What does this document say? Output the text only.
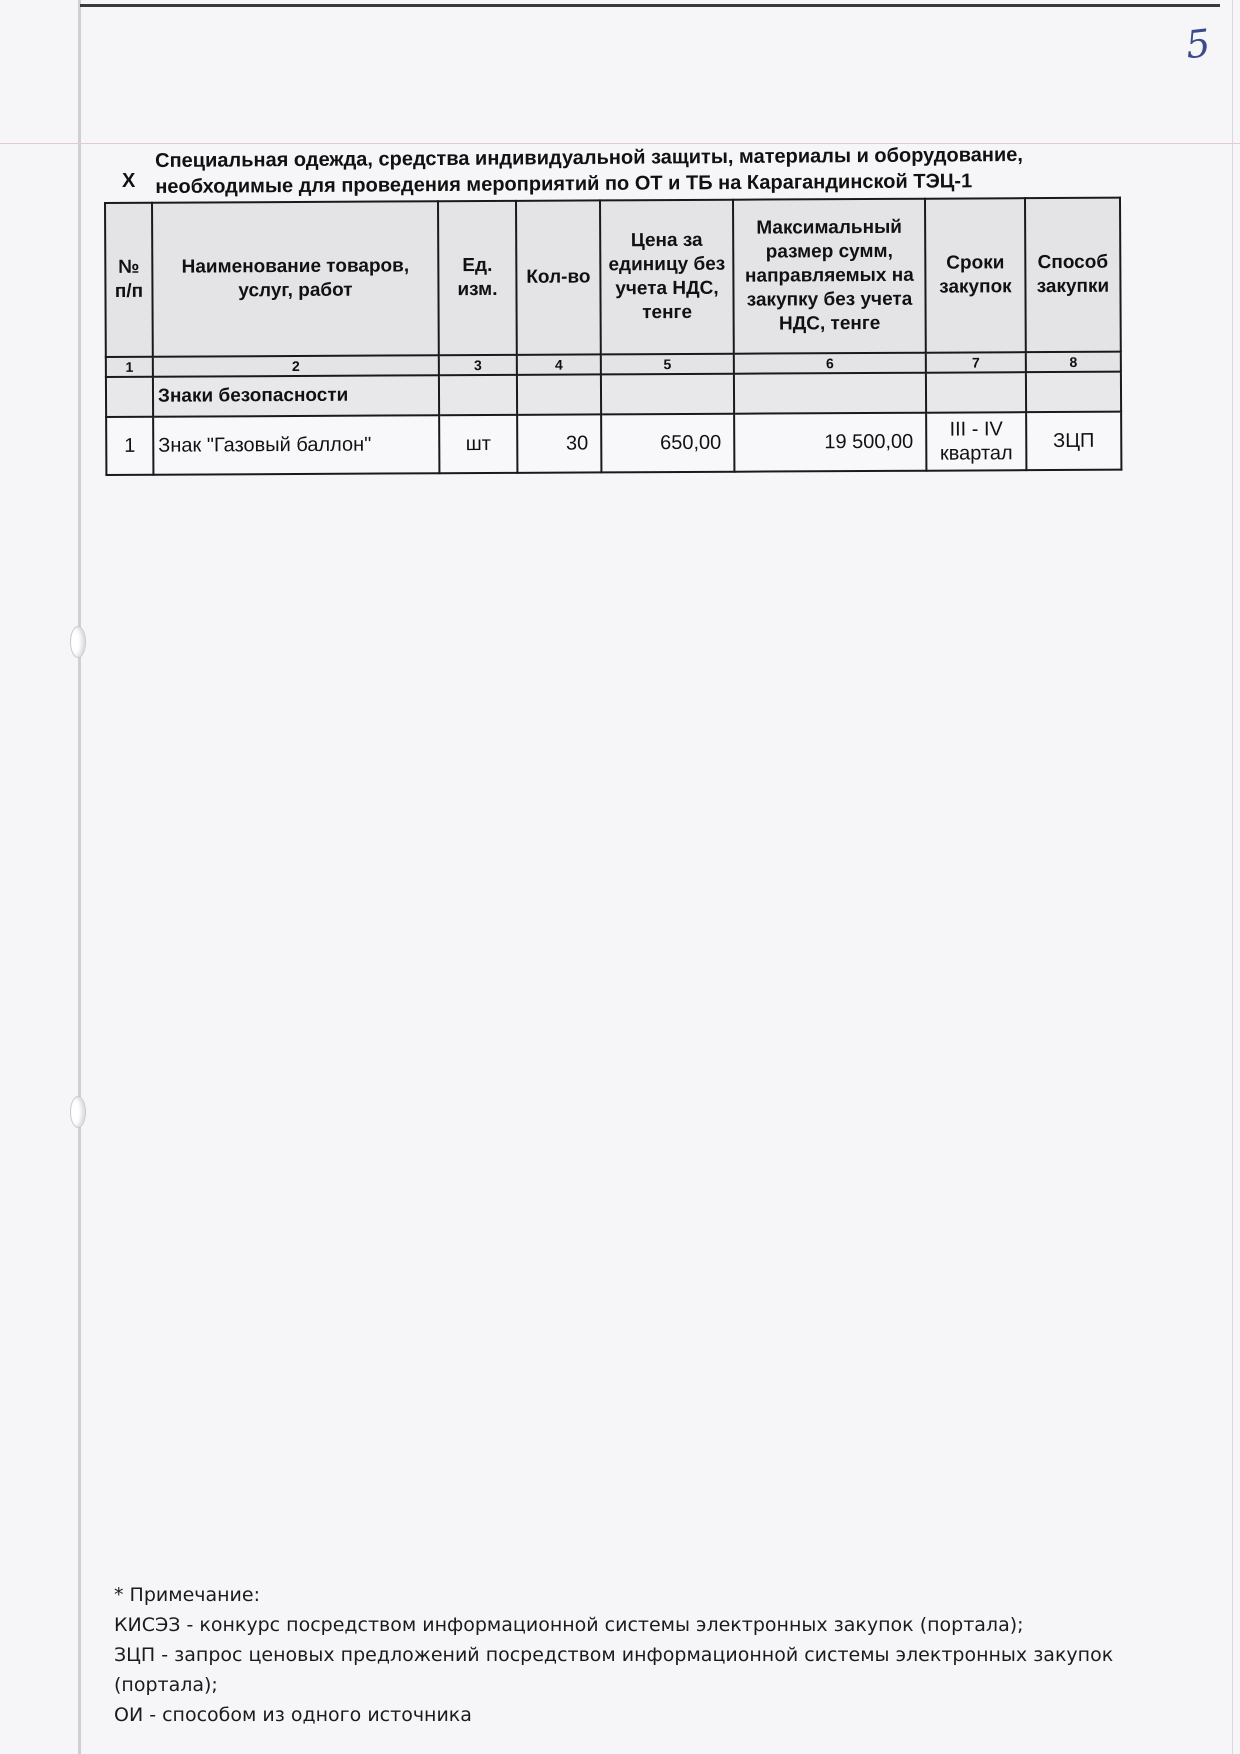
5
X
Специальная одежда, средства индивидуальной защиты, материалы и оборудование, необходимые для проведения мероприятий по ОТ и ТБ на Карагандинской ТЭЦ-1
№ п/п	Наименование товаров, услуг, работ	Ед. изм.	Кол-во	Цена за единицу без учета НДС, тенге	Максимальный размер сумм, направляемых на закупку без учета НДС, тенге	Сроки закупок	Способ закупки
1	2	3	4	5	6	7	8
	Знаки безопасности						
1	Знак "Газовый баллон"	шт	30	650,00	19 500,00	III - IV квартал	ЗЦП
* Примечание:
КИСЭЗ - конкурс посредством информационной системы электронных закупок (портала);
ЗЦП - запрос ценовых предложений посредством информационной системы электронных закупок (портала);
ОИ - способом из одного источника
